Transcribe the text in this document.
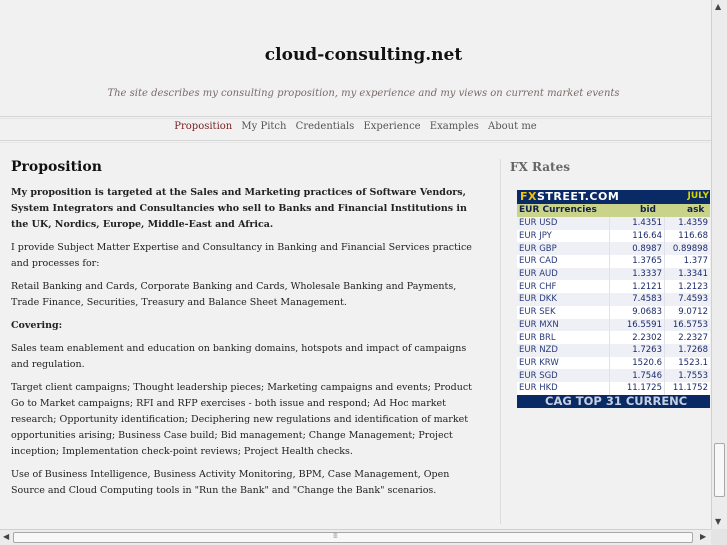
cloud-consulting.net
The site describes my consulting proposition, my experience and my views on current market events
Proposition My Pitch Credentials Experience Examples About me
Proposition

My proposition is targeted at the Sales and Marketing practices of Software Vendors, System Integrators and Consultancies who sell to Banks and Financial Institutions in the UK, Nordics, Europe, Middle-East and Africa.

I provide Subject Matter Expertise and Consultancy in Banking and Financial Services practice and processes for:

Retail Banking and Cards, Corporate Banking and Cards, Wholesale Banking and Payments, Trade Finance, Securities, Treasury and Balance Sheet Management.

Covering:

Sales team enablement and education on banking domains, hotspots and impact of campaigns and regulation.

Target client campaigns; Thought leadership pieces; Marketing campaigns and events; Product Go to Market campaigns; RFI and RFP exercises - both issue and respond; Ad Hoc market research; Opportunity identification; Deciphering new regulations and identification of market opportunities arising; Business Case build; Bid management; Change Management; Project inception; Implementation check-point reviews; Project Health checks.

Use of Business Intelligence, Business Activity Monitoring, BPM, Case Management, Open Source and Cloud Computing tools in "Run the Bank" and "Change the Bank" scenarios.

FX Rates
FXSTREET.COM	JULY
EUR Currencies	bid	ask
EUR USD	1.4351	1.4359
EUR JPY	116.64	116.68
EUR GBP	0.8987	0.89898
EUR CAD	1.3765	1.377
EUR AUD	1.3337	1.3341
EUR CHF	1.2121	1.2123
EUR DKK	7.4583	7.4593
EUR SEK	9.0683	9.0712
EUR MXN	16.5591	16.5753
EUR BRL	2.2302	2.2327
EUR NZD	1.7263	1.7268
EUR KRW	1520.6	1523.1
EUR SGD	1.7546	1.7553
EUR HKD	11.1725	11.1752
CAG TOP 31 CURRENC
▲
▼
◀	⁞⁞⁞⁞	▶
